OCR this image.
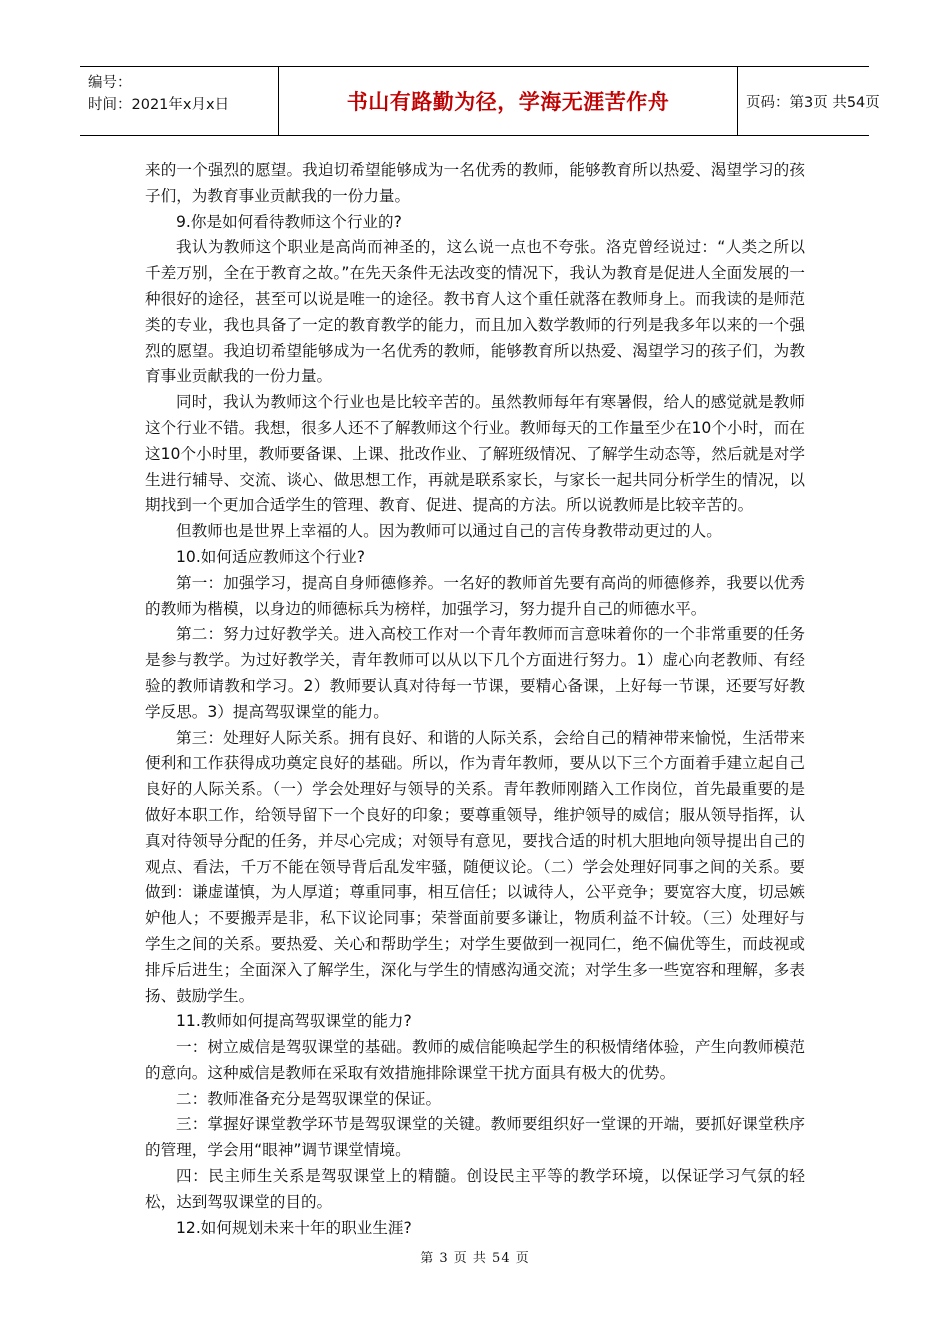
编号：
时间：2021年x月x日	书山有路勤为径，学海无涯苦作舟	页码：第3页 共54页

来的一个强烈的愿望。我迫切希望能够成为一名优秀的教师，能够教育所以热爱、渴望学习的孩子们，为教育事业贡献我的一份力量。

9.你是如何看待教师这个行业的?

我认为教师这个职业是高尚而神圣的，这么说一点也不夸张。洛克曾经说过：“人类之所以千差万别，全在于教育之故。”在先天条件无法改变的情况下，我认为教育是促进人全面发展的一种很好的途径，甚至可以说是唯一的途径。教书育人这个重任就落在教师身上。而我读的是师范类的专业，我也具备了一定的教育教学的能力，而且加入数学教师的行列是我多年以来的一个强烈的愿望。我迫切希望能够成为一名优秀的教师，能够教育所以热爱、渴望学习的孩子们，为教育事业贡献我的一份力量。

同时，我认为教师这个行业也是比较辛苦的。虽然教师每年有寒暑假，给人的感觉就是教师这个行业不错。我想，很多人还不了解教师这个行业。教师每天的工作量至少在10个小时，而在这10个小时里，教师要备课、上课、批改作业、了解班级情况、了解学生动态等，然后就是对学生进行辅导、交流、谈心、做思想工作，再就是联系家长，与家长一起共同分析学生的情况，以期找到一个更加合适学生的管理、教育、促进、提高的方法。所以说教师是比较辛苦的。

但教师也是世界上幸福的人。因为教师可以通过自己的言传身教带动更过的人。

10.如何适应教师这个行业?

第一：加强学习，提高自身师德修养。一名好的教师首先要有高尚的师德修养，我要以优秀的教师为楷模，以身边的师德标兵为榜样，加强学习，努力提升自己的师德水平。

第二：努力过好教学关。进入高校工作对一个青年教师而言意味着你的一个非常重要的任务是参与教学。为过好教学关，青年教师可以从以下几个方面进行努力。1）虚心向老教师、有经验的教师请教和学习。2）教师要认真对待每一节课，要精心备课，上好每一节课，还要写好教学反思。3）提高驾驭课堂的能力。

第三：处理好人际关系。拥有良好、和谐的人际关系，会给自己的精神带来愉悦，生活带来便利和工作获得成功奠定良好的基础。所以，作为青年教师，要从以下三个方面着手建立起自己良好的人际关系。（一）学会处理好与领导的关系。青年教师刚踏入工作岗位，首先最重要的是做好本职工作，给领导留下一个良好的印象；要尊重领导，维护领导的威信；服从领导指挥，认真对待领导分配的任务，并尽心完成；对领导有意见，要找合适的时机大胆地向领导提出自己的观点、看法，千万不能在领导背后乱发牢骚，随便议论。（二）学会处理好同事之间的关系。要做到：谦虚谨慎，为人厚道；尊重同事，相互信任；以诚待人，公平竞争；要宽容大度，切忌嫉妒他人；不要搬弄是非，私下议论同事；荣誉面前要多谦让，物质利益不计较。（三）处理好与学生之间的关系。要热爱、关心和帮助学生；对学生要做到一视同仁，绝不偏优等生，而歧视或排斥后进生；全面深入了解学生，深化与学生的情感沟通交流；对学生多一些宽容和理解，多表扬、鼓励学生。

11.教师如何提高驾驭课堂的能力?

一：树立威信是驾驭课堂的基础。教师的威信能唤起学生的积极情绪体验，产生向教师模范的意向。这种威信是教师在采取有效措施排除课堂干扰方面具有极大的优势。

二：教师准备充分是驾驭课堂的保证。

三：掌握好课堂教学环节是驾驭课堂的关键。教师要组织好一堂课的开端，要抓好课堂秩序的管理，学会用“眼神”调节课堂情境。

四：民主师生关系是驾驭课堂上的精髓。创设民主平等的教学环境，以保证学习气氛的轻松，达到驾驭课堂的目的。

12.如何规划未来十年的职业生涯?

第 3 页 共 54 页
